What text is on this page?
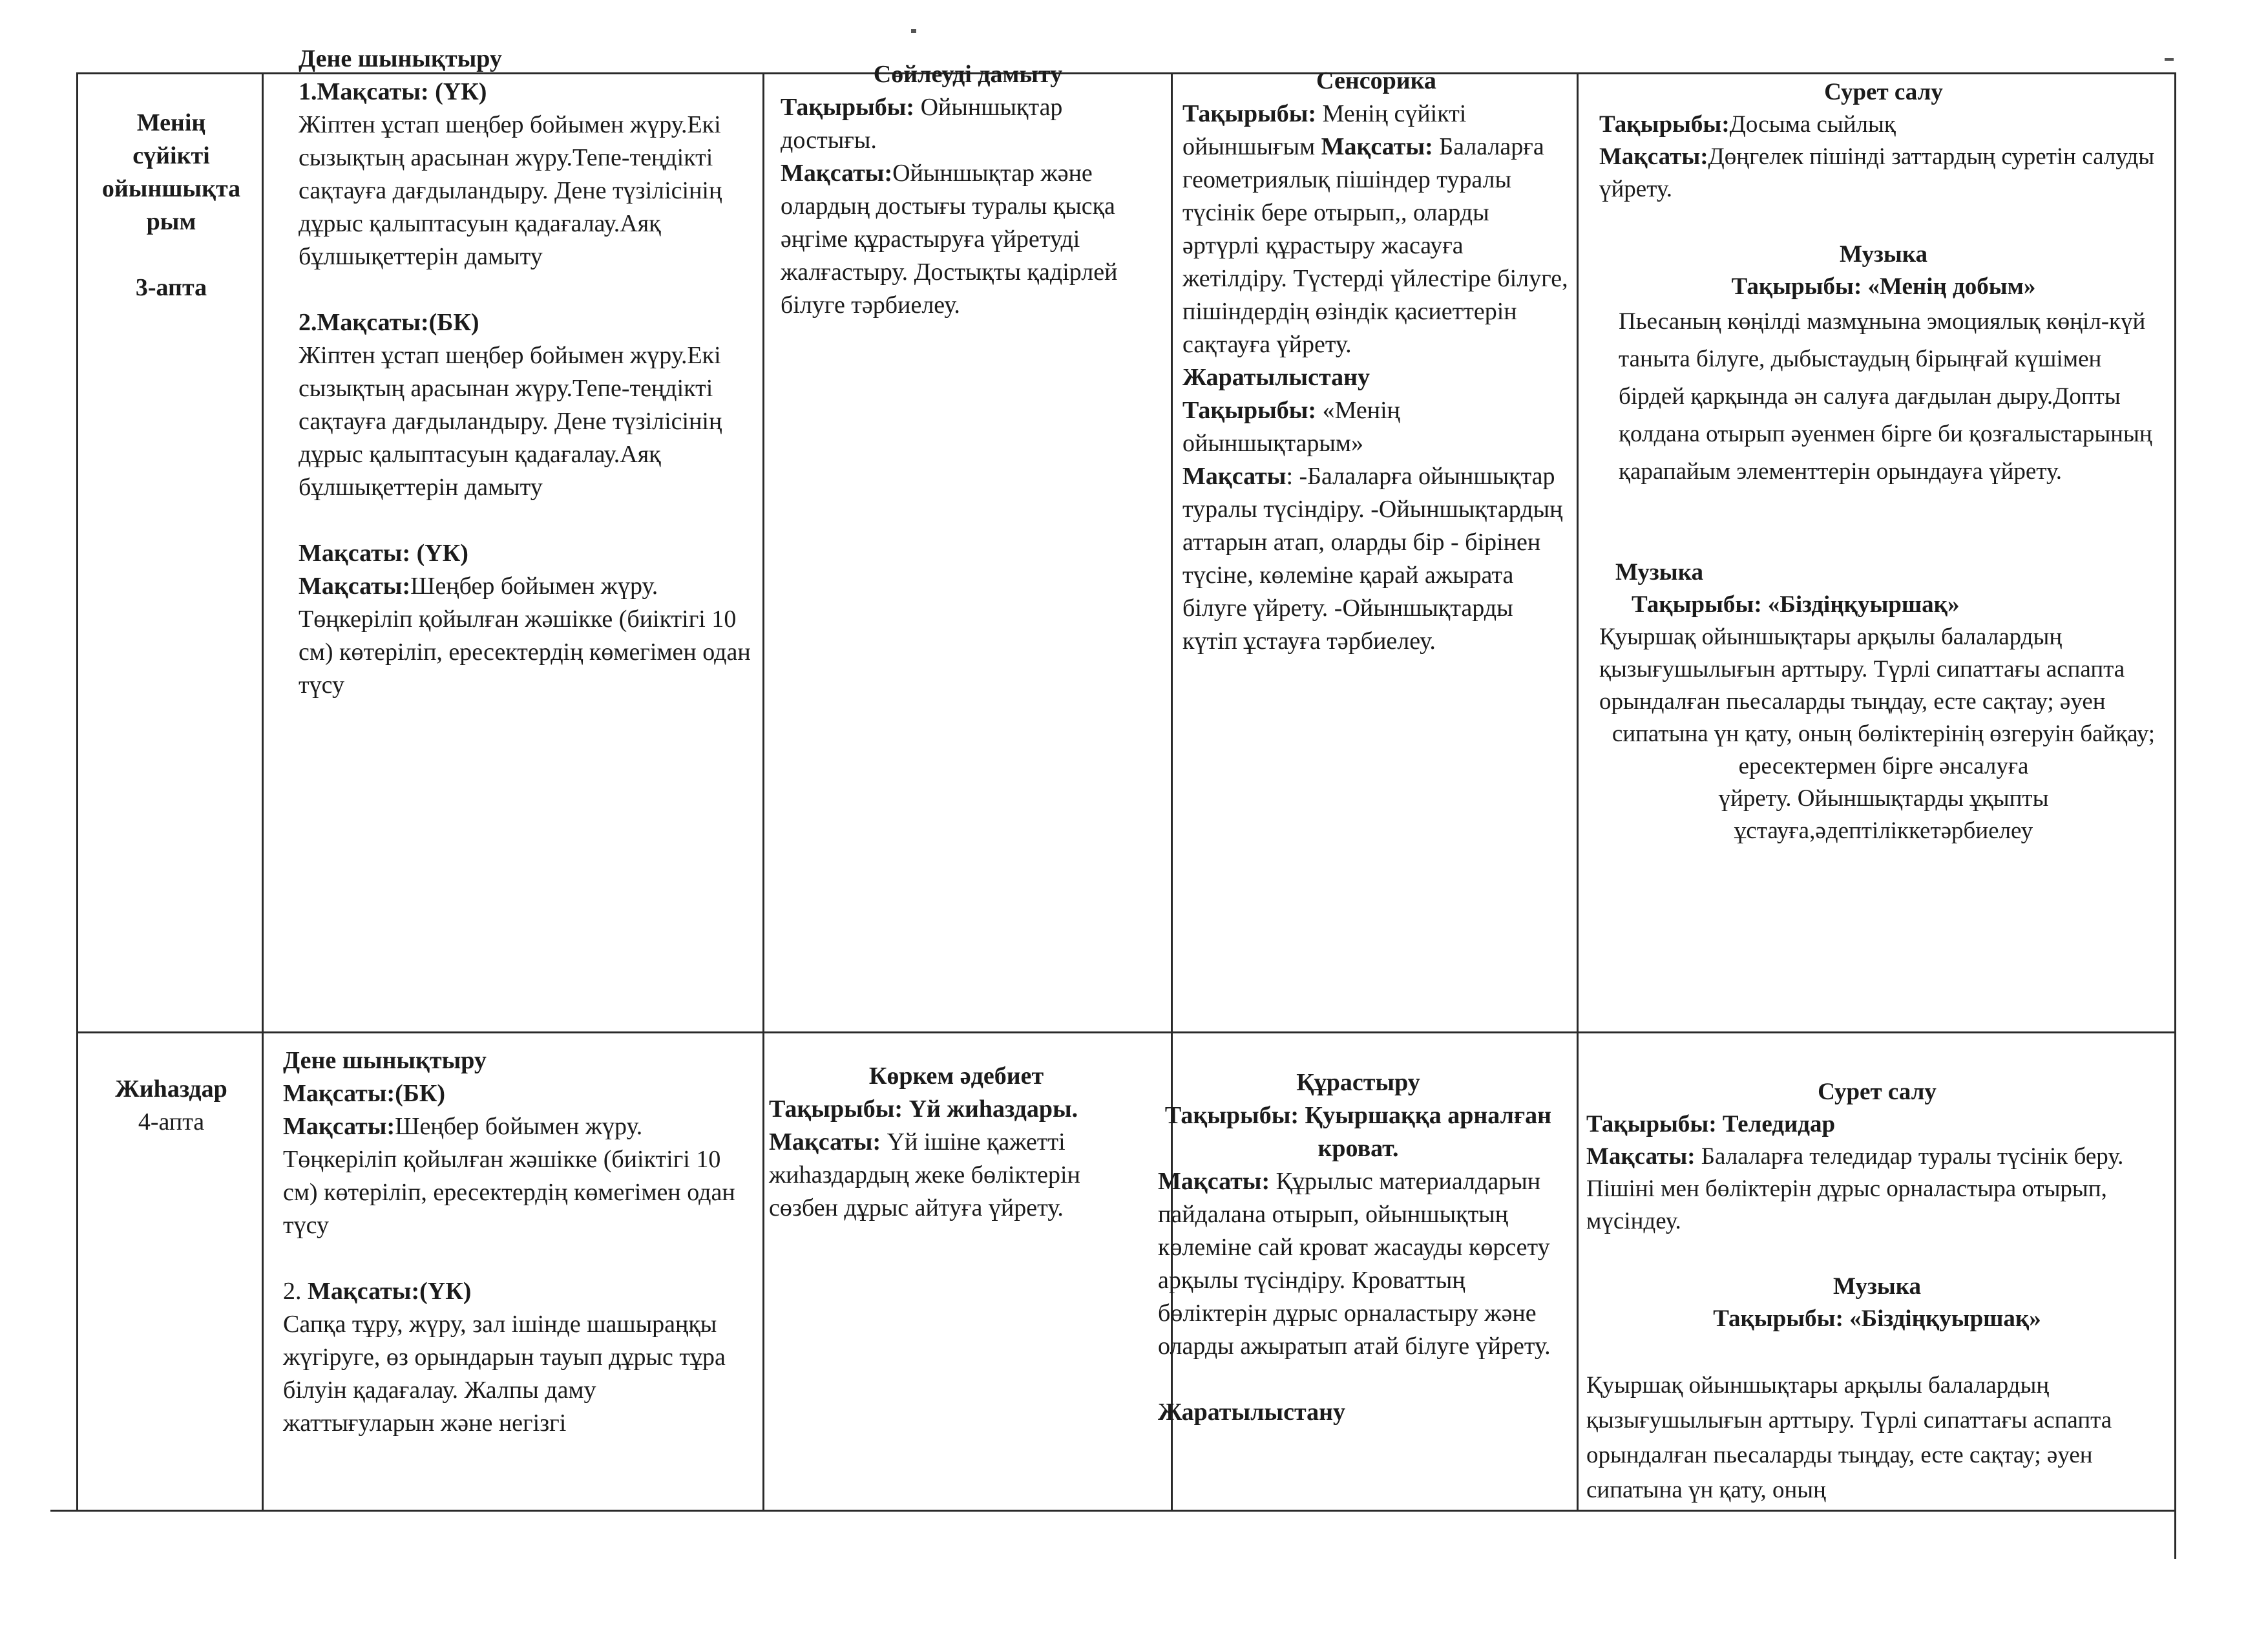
Менің

сүйікті

ойыншықта

рым

3-апта

Дене шынықтыру

1.Мақсаты: (ҮК)

Жіптен ұстап шеңбер бойымен жүру.Екі сызықтың арасынан жүру.Тепе-теңдікті сақтауға дағдыландыру. Дене түзілісінің дұрыс қалыптасуын қадағалау.Аяқ бұлшықеттерін дамыту

2.Мақсаты:(БК)

Жіптен ұстап шеңбер бойымен жүру.Екі сызықтың арасынан жүру.Тепе-теңдікті сақтауға дағдыландыру. Дене түзілісінің дұрыс қалыптасуын қадағалау.Аяқ бұлшықеттерін дамыту

Мақсаты: (ҮК)

Мақсаты:Шеңбер бойымен жүру. Төңкеріліп қойылған жәшікке (биіктігі 10 см) көтеріліп, ересектердің көмегімен одан түсу

Сөйлеуді дамыту

Тақырыбы: Ойыншықтар достығы.

Мақсаты:Ойыншықтар және олардың достығы туралы қысқа әңгіме құрастыруға үйретуді жалғастыру. Достықты қадірлей білуге тәрбиелеу.

Сенсорика

Тақырыбы: Менің сүйікті ойыншығым Мақсаты: Балаларға геометриялық пішіндер туралы түсінік бере отырып,, оларды әртүрлі құрастыру жасауға жетілдіру. Түстерді үйлестіре білуге, пішіндердің өзіндік қасиеттерін сақтауға үйрету.

Жаратылыстану

Тақырыбы: «Менің ойыншықтарым»

Мақсаты: -Балаларға ойыншықтар туралы түсіндіру. -Ойыншықтардың аттарын атап, оларды бір - бірінен түсіне, көлеміне қарай ажырата білуге үйрету. -Ойыншықтарды күтіп ұстауға тәрбиелеу.

Сурет салу

Тақырыбы:Досыма сыйлық

Мақсаты:Дөңгелек пішінді заттардың суретін салуды үйрету.

Музыка

Тақырыбы: «Менің добым»

Пьесаның көңілді мазмұнына эмоциялық көңіл-күй таныта білуге, дыбыстаудың бірыңғай күшімен бірдей қарқында ән салуға дағдылан дыру.Допты қолдана отырып әуенмен бірге би қозғалыстарының қарапайым элементтерін орындауға үйрету.

Музыка

Тақырыбы: «Біздіңқуыршақ»

Қуыршақ ойыншықтары арқылы балалардың қызығушылығын арттыру. Түрлі сипаттағы аспапта орындалған пьесаларды тыңдау, есте сақтау; әуен

сипатына үн қату, оның бөліктерінің өзгеруін байқау; ересектермен бірге әнсалуға

үйрету. Ойыншықтарды ұқыпты

ұстауға,әдептіліккетәрбиелеу

Жиһаздар

4-апта

Дене шынықтыру

Мақсаты:(БК)

Мақсаты:Шеңбер бойымен жүру. Төңкеріліп қойылған жәшікке (биіктігі 10 см) көтеріліп, ересектердің көмегімен одан түсу

2. Мақсаты:(ҮК)

Сапқа тұру, жүру, зал ішінде шашыраңқы жүгіруге, өз орындарын тауып дұрыс тұра білуін қадағалау. Жалпы даму жаттығуларын және негізгі

Көркем әдебиет

Тақырыбы: Үй жиһаздары.

Мақсаты: Үй ішіне қажетті жиһаздардың жеке бөліктерін сөзбен дұрыс айтуға үйрету.

Құрастыру

Тақырыбы: Қуыршаққа арналған кроват.

Мақсаты: Құрылыс материалдарын пайдалана отырып, ойыншықтың көлеміне сай кроват жасауды көрсету арқылы түсіндіру. Кроваттың бөліктерін дұрыс орналастыру және оларды ажыратып атай білуге үйрету.

Жаратылыстану

Сурет салу

Тақырыбы: Теледидар

Мақсаты: Балаларға теледидар туралы түсінік беру. Пішіні мен бөліктерін дұрыс орналастыра отырып, мүсіндеу.

Музыка

Тақырыбы: «Біздіңқуыршақ»

Қуыршақ ойыншықтары арқылы балалардың қызығушылығын арттыру. Түрлі сипаттағы аспапта орындалған пьесаларды тыңдау, есте сақтау; әуен сипатына үн қату, оның
